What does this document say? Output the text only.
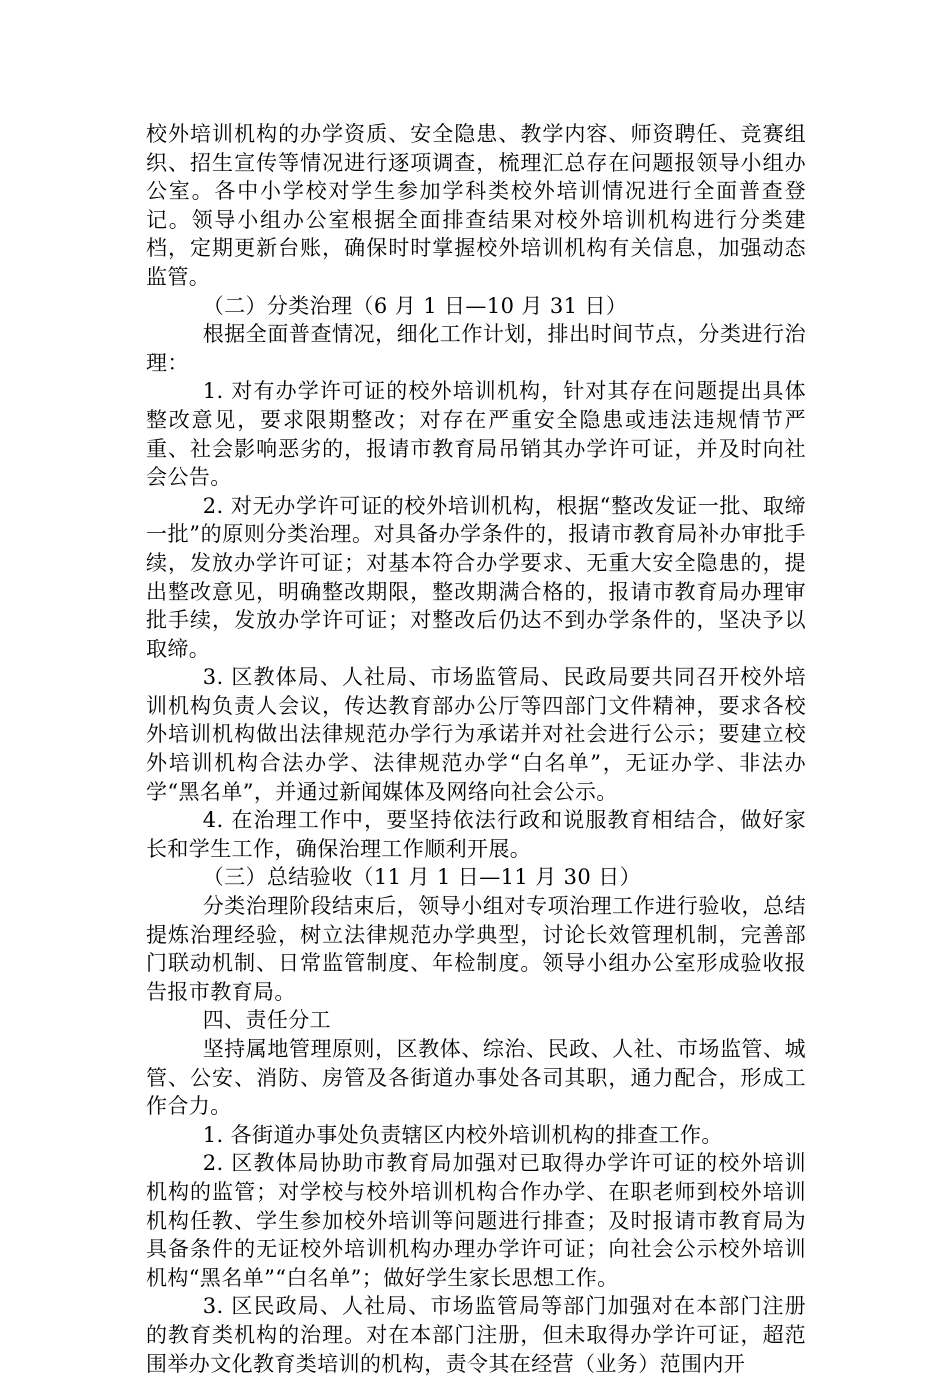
校外培训机构的办学资质、安全隐患、教学内容、师资聘任、竞赛组织、招生宣传等情况进行逐项调查，梳理汇总存在问题报领导小组办公室。各中小学校对学生参加学科类校外培训情况进行全面普查登记。领导小组办公室根据全面排查结果对校外培训机构进行分类建档，定期更新台账，确保时时掌握校外培训机构有关信息，加强动态监管。

（二）分类治理（6 月 1 日—10 月 31 日）

根据全面普查情况，细化工作计划，排出时间节点，分类进行治理：

1. 对有办学许可证的校外培训机构，针对其存在问题提出具体整改意见，要求限期整改；对存在严重安全隐患或违法违规情节严重、社会影响恶劣的，报请市教育局吊销其办学许可证，并及时向社会公告。

2. 对无办学许可证的校外培训机构，根据“整改发证一批、取缔一批”的原则分类治理。对具备办学条件的，报请市教育局补办审批手续，发放办学许可证；对基本符合办学要求、无重大安全隐患的，提出整改意见，明确整改期限，整改期满合格的，报请市教育局办理审批手续，发放办学许可证；对整改后仍达不到办学条件的，坚决予以取缔。

3. 区教体局、人社局、市场监管局、民政局要共同召开校外培训机构负责人会议，传达教育部办公厅等四部门文件精神，要求各校外培训机构做出法律规范办学行为承诺并对社会进行公示；要建立校外培训机构合法办学、法律规范办学“白名单”，无证办学、非法办学“黑名单”，并通过新闻媒体及网络向社会公示。

4. 在治理工作中，要坚持依法行政和说服教育相结合，做好家长和学生工作，确保治理工作顺利开展。

（三）总结验收（11 月 1 日—11 月 30 日）

分类治理阶段结束后，领导小组对专项治理工作进行验收，总结提炼治理经验，树立法律规范办学典型，讨论长效管理机制，完善部门联动机制、日常监管制度、年检制度。领导小组办公室形成验收报告报市教育局。

四、责任分工

坚持属地管理原则，区教体、综治、民政、人社、市场监管、城管、公安、消防、房管及各街道办事处各司其职，通力配合，形成工作合力。

1. 各街道办事处负责辖区内校外培训机构的排查工作。

2. 区教体局协助市教育局加强对已取得办学许可证的校外培训机构的监管；对学校与校外培训机构合作办学、在职老师到校外培训机构任教、学生参加校外培训等问题进行排查；及时报请市教育局为具备条件的无证校外培训机构办理办学许可证；向社会公示校外培训机构“黑名单”“白名单”；做好学生家长思想工作。

3. 区民政局、人社局、市场监管局等部门加强对在本部门注册的教育类机构的治理。对在本部门注册，但未取得办学许可证，超范围举办文化教育类培训的机构，责令其在经营（业务）范围内开
